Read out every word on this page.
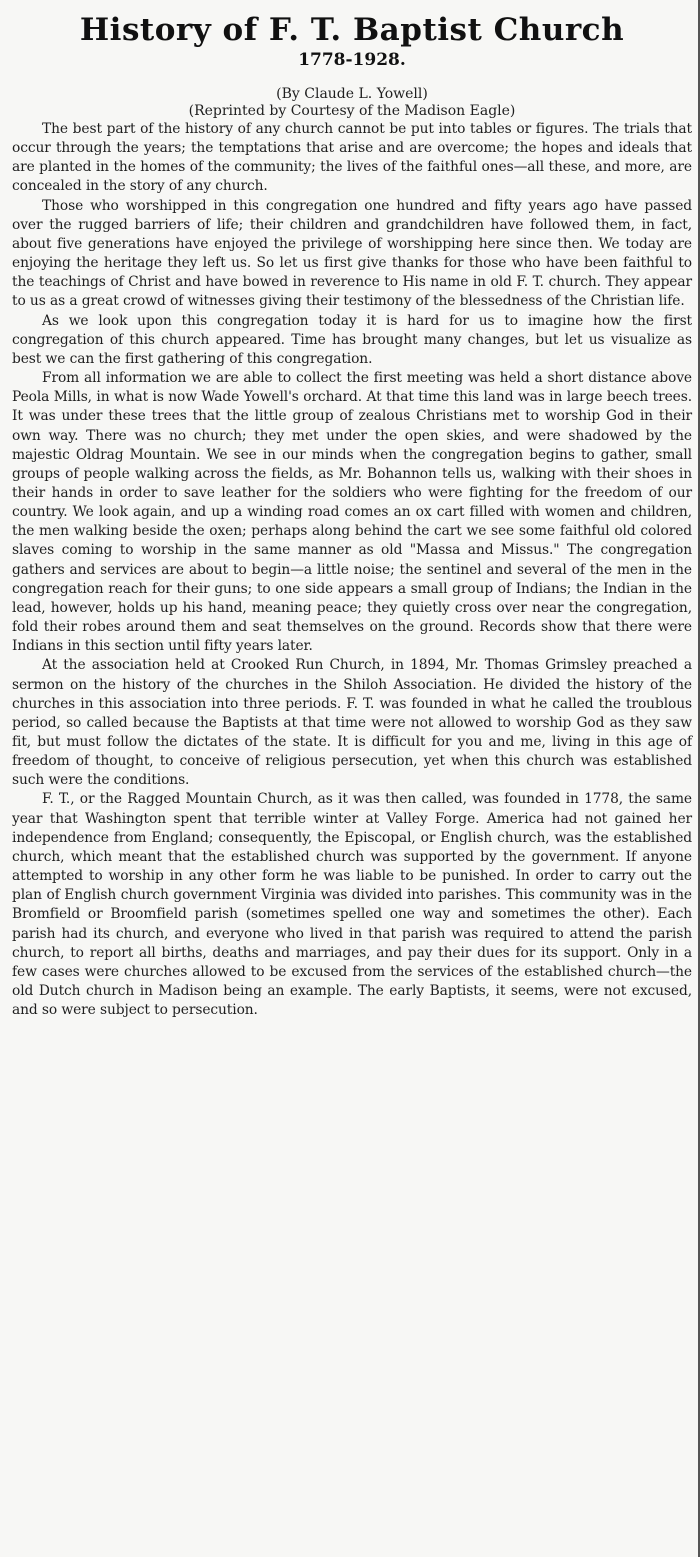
History of F. T. Baptist Church
1778-1928.
(By Claude L. Yowell)
(Reprinted by Courtesy of the Madison Eagle)

The best part of the history of any church cannot be put into tables or figures. The trials that occur through the years; the temptations that arise and are overcome; the hopes and ideals that are planted in the homes of the community; the lives of the faithful ones—all these, and more, are concealed in the story of any church.

Those who worshipped in this congregation one hundred and fifty years ago have passed over the rugged barriers of life; their children and grandchildren have followed them, in fact, about five generations have enjoyed the privilege of worshipping here since then. We today are enjoying the heritage they left us. So let us first give thanks for those who have been faithful to the teachings of Christ and have bowed in reverence to His name in old F. T. church. They appear to us as a great crowd of witnesses giving their testimony of the blessedness of the Christian life.

As we look upon this congregation today it is hard for us to imagine how the first congregation of this church appeared. Time has brought many changes, but let us visualize as best we can the first gathering of this congregation.

From all information we are able to collect the first meeting was held a short distance above Peola Mills, in what is now Wade Yowell's orchard. At that time this land was in large beech trees. It was under these trees that the little group of zealous Christians met to worship God in their own way. There was no church; they met under the open skies, and were shadowed by the majestic Oldrag Mountain. We see in our minds when the congregation begins to gather, small groups of people walking across the fields, as Mr. Bohannon tells us, walking with their shoes in their hands in order to save leather for the soldiers who were fighting for the freedom of our country. We look again, and up a winding road comes an ox cart filled with women and children, the men walking beside the oxen; perhaps along behind the cart we see some faithful old colored slaves coming to worship in the same manner as old "Massa and Missus." The congregation gathers and services are about to begin—a little noise; the sentinel and several of the men in the congregation reach for their guns; to one side appears a small group of Indians; the Indian in the lead, however, holds up his hand, meaning peace; they quietly cross over near the congregation, fold their robes around them and seat themselves on the ground. Records show that there were Indians in this section until fifty years later.

At the association held at Crooked Run Church, in 1894, Mr. Thomas Grimsley preached a sermon on the history of the churches in the Shiloh Association. He divided the history of the churches in this association into three periods. F. T. was founded in what he called the troublous period, so called because the Baptists at that time were not allowed to worship God as they saw fit, but must follow the dictates of the state. It is difficult for you and me, living in this age of freedom of thought, to conceive of religious persecution, yet when this church was established such were the conditions.

F. T., or the Ragged Mountain Church, as it was then called, was founded in 1778, the same year that Washington spent that terrible winter at Valley Forge. America had not gained her independence from England; consequently, the Episcopal, or English church, was the established church, which meant that the established church was supported by the government. If anyone attempted to worship in any other form he was liable to be punished. In order to carry out the plan of English church government Virginia was divided into parishes. This community was in the Bromfield or Broomfield parish (sometimes spelled one way and sometimes the other). Each parish had its church, and everyone who lived in that parish was required to attend the parish church, to report all births, deaths and marriages, and pay their dues for its support. Only in a few cases were churches allowed to be excused from the services of the established church—the old Dutch church in Madison being an example. The early Baptists, it seems, were not excused, and so were subject to persecution.
